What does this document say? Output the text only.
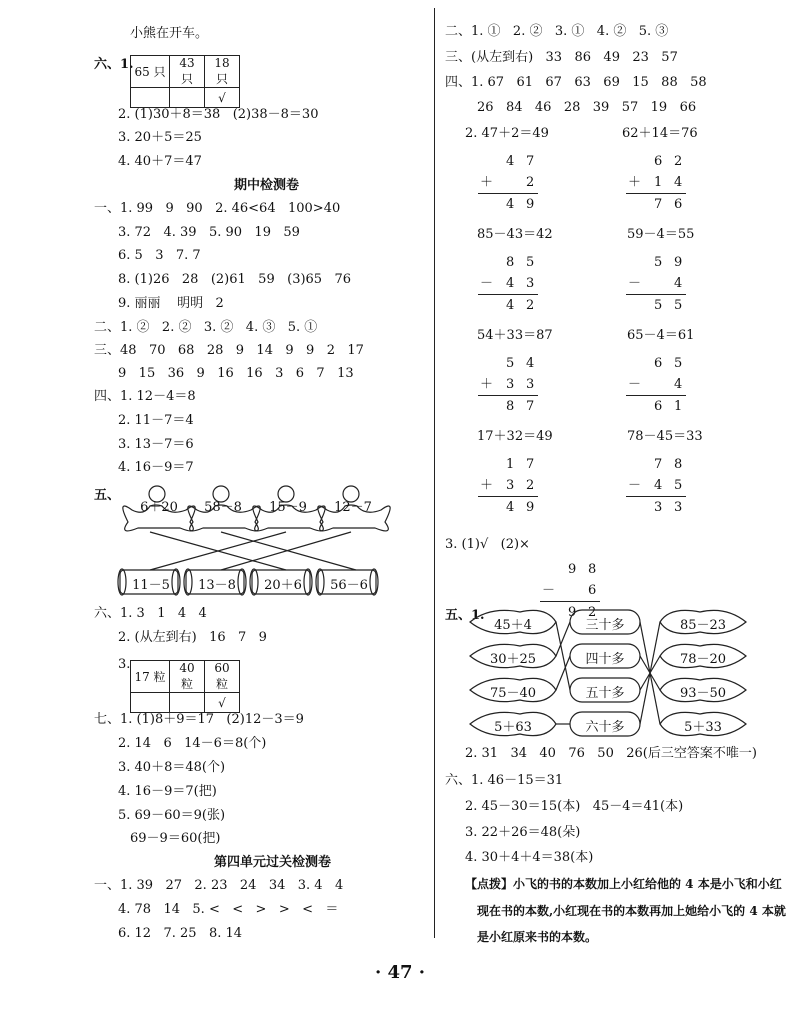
小熊在开车。
六、1. 65 只	43 只	18 只
		√
2. (1)30＋8＝38   (2)38－8＝30
3. 20＋5＝25
4. 40＋7＝47
期中检测卷
一、1. 99   9   90   2. 46<64   100>40
3. 72   4. 39   5. 90   19   59
6. 5   3   7. 7
8. (1)26   28   (2)61   59   (3)65   76
9. 丽丽    明明   2
二、1. ②   2. ②   3. ②   4. ③   5. ①
三、48   70   68   28   9   14   9   9   2   17
9   15   36   9   16   16   3   6   7   13
四、1. 12－4＝8
2. 11－7＝4
3. 13－7＝6
4. 16－9＝7
五、
6＋20	58－8	15－9	12－7
11－5	13－8	20＋6	56－6
六、1. 3   1   4   4
2. (从左到右)   16   7   9
3.
17 粒	40 粒	60 粒
		√
七、1. (1)8＋9＝17   (2)12－3＝9
2. 14   6   14－6＝8(个)
3. 40＋8＝48(个)
4. 16－9＝7(把)
5. 69－60＝9(张)
69－9＝60(把)
第四单元过关检测卷
一、1. 39   27   2. 23   24   34   3. 4   4
4. 78   14   5. <   <   >   >   <   ＝
6. 12   7. 25   8. 14
二、1. ①   2. ②   3. ①   4. ②   5. ③
三、(从左到右)   33   86   49   23   57
四、1. 67   61   67   63   69   15   88   58
26   84   46   28   39   57   19   66
2. 47＋2＝49	62＋14＝76
85－43＝42	59－4＝55
54＋33＝87	65－4＝61
17＋32＝49	78－45＝33
4 7
＋	2
4 9
6 2
＋ 1 4
7 6
8 5
－ 4 3
4 2
5 9
－	4
5 5
5 4
＋ 3 3
8 7
6 5
－	4
6 1
1 7
＋ 3 2
4 9
7 8
－ 4 5
3 3
9 8
－	6
9 2
3. (1)√   (2)×
五、1.
45＋4
30＋25
75－40
5＋63
三十多
四十多
五十多
六十多
85－23
78－20
93－50
5＋33
2. 31   34   40   76   50   26(后三空答案不唯一)
六、1. 46－15＝31
2. 45－30＝15(本)   45－4＝41(本)
3. 22＋26＝48(朵)
4. 30＋4＋4＝38(本)
【点拨】小飞的书的本数加上小红给他的 4 本是小飞和小红
现在书的本数,小红现在书的本数再加上她给小飞的 4 本就
是小红原来书的本数。
· 47 ·
